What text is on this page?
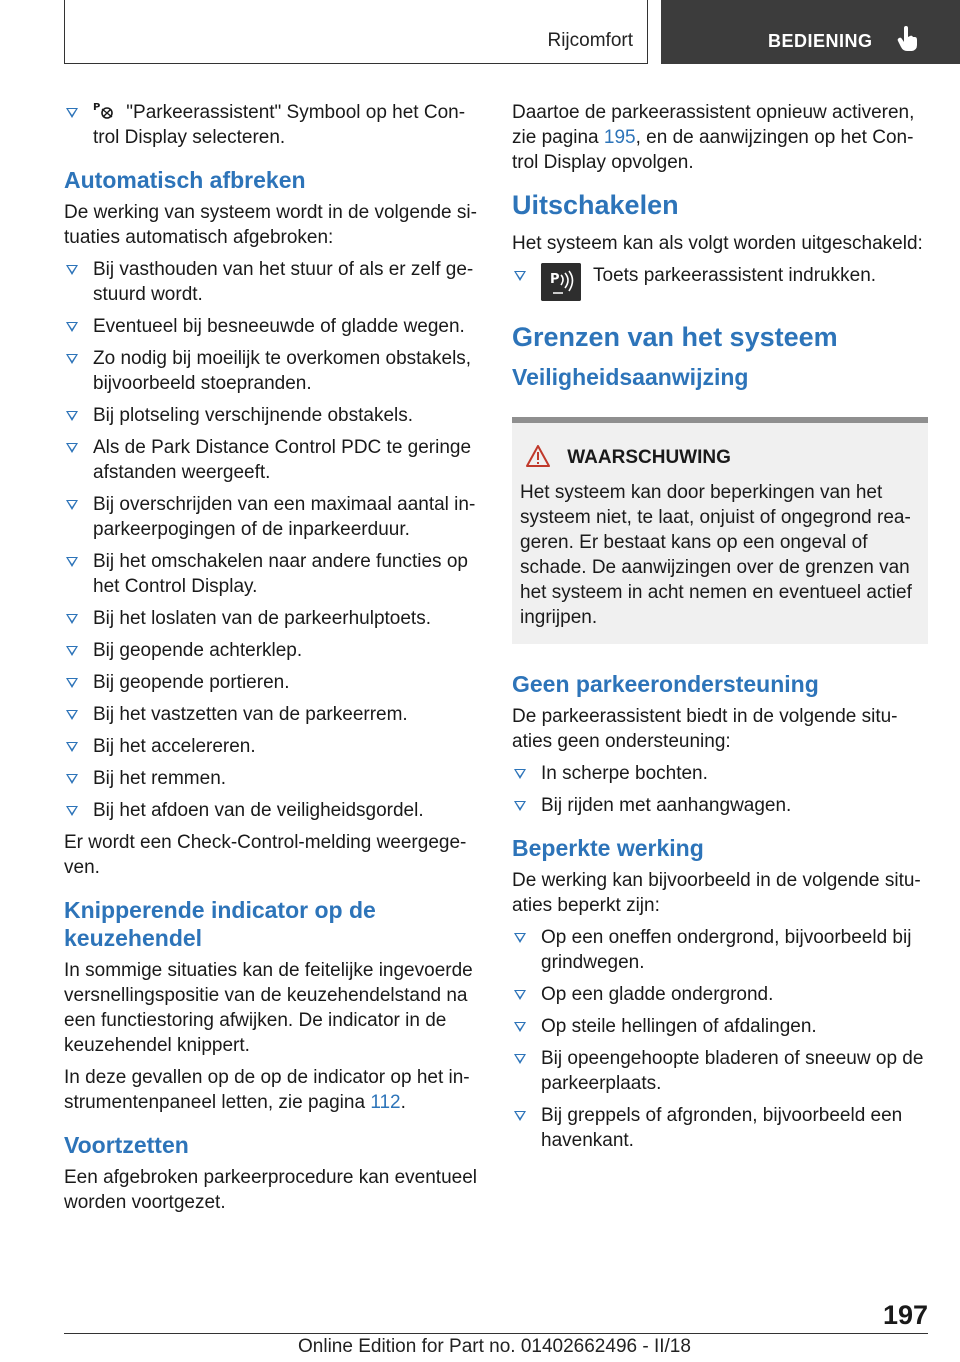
Rijcomfort	BEDIENING
P "Parkeerassistent" Symbool op het Con-trol Display selecteren.
Automatisch afbreken

De werking van systeem wordt in de volgende si-tuaties automatisch afgebroken:

Bij vasthouden van het stuur of als er zelf ge-stuurd wordt.
Eventueel bij besneeuwde of gladde wegen.
Zo nodig bij moeilijk te overkomen obstakels, bijvoorbeeld stoepranden.
Bij plotseling verschijnende obstakels.
Als de Park Distance Control PDC te geringe afstanden weergeeft.
Bij overschrijden van een maximaal aantal in-parkeerpogingen of de inparkeerduur.
Bij het omschakelen naar andere functies op het Control Display.
Bij het loslaten van de parkeerhulptoets.
Bij geopende achterklep.
Bij geopende portieren.
Bij het vastzetten van de parkeerrem.
Bij het accelereren.
Bij het remmen.
Bij het afdoen van de veiligheidsgordel.

Er wordt een Check-Control-melding weergege-ven.

Knipperende indicator op de keuzehendel

In sommige situaties kan de feitelijke ingevoerde versnellingspositie van de keuzehendelstand na een functiestoring afwijken. De indicator in de keuzehendel knippert.

In deze gevallen op de op de indicator op het in-strumentenpaneel letten, zie pagina 112.

Voortzetten

Een afgebroken parkeerprocedure kan eventueel worden voortgezet.

Daartoe de parkeerassistent opnieuw activeren, zie pagina 195, en de aanwijzingen op het Con-trol Display opvolgen.

Uitschakelen

Het systeem kan als volgt worden uitgeschakeld:

P Toets parkeerassistent indrukken.
Grenzen van het systeem
Veiligheidsaanwijzing
WAARSCHUWING
Het systeem kan door beperkingen van het systeem niet, te laat, onjuist of ongegrond rea-geren. Er bestaat kans op een ongeval of schade. De aanwijzingen over de grenzen van het systeem in acht nemen en eventueel actief ingrijpen.
Geen parkeerondersteuning

De parkeerassistent biedt in de volgende situ-aties geen ondersteuning:

In scherpe bochten.
Bij rijden met aanhangwagen.
Beperkte werking

De werking kan bijvoorbeeld in de volgende situ-aties beperkt zijn:

Op een oneffen ondergrond, bijvoorbeeld bij grindwegen.
Op een gladde ondergrond.
Op steile hellingen of afdalingen.
Bij opeengehoopte bladeren of sneeuw op de parkeerplaats.
Bij greppels of afgronden, bijvoorbeeld een havenkant.
197
Online Edition for Part no. 01402662496 - II/18
